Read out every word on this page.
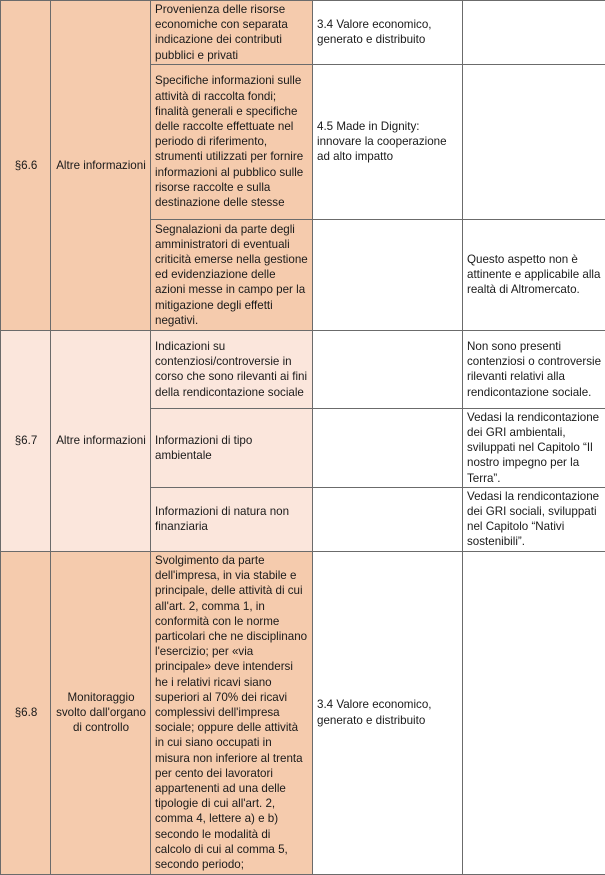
§6.6	Altre informazioni	Provenienza delle risorse economiche con separata indicazione dei contributi pubblici e privati	3.4 Valore economico, generato e distribuito	
		Specifiche informazioni sulle attività di raccolta fondi; finalità generali e specifiche delle raccolte effettuate nel periodo di riferimento, strumenti utilizzati per fornire informazioni al pubblico sulle risorse raccolte e sulla destinazione delle stesse	4.5 Made in Dignity: innovare la cooperazione ad alto impatto	
		Segnalazioni da parte degli amministratori di eventuali criticità emerse nella gestione ed evidenziazione delle azioni messe in campo per la mitigazione degli effetti negativi.		Questo aspetto non è attinente e applicabile alla realtà di Altromercato.
§6.7	Altre informazioni	Indicazioni su contenziosi/controversie in corso che sono rilevanti ai fini della rendicontazione sociale		Non sono presenti contenziosi o controversie rilevanti relativi alla rendicontazione sociale.
		Informazioni di tipo ambientale		Vedasi la rendicontazione dei GRI ambientali, sviluppati nel Capitolo “Il nostro impegno per la Terra”.
		Informazioni di natura non finanziaria		Vedasi la rendicontazione dei GRI sociali, sviluppati nel Capitolo “Nativi sostenibili”.
§6.8	Monitoraggio svolto dall'organo di controllo	Svolgimento da parte dell'impresa, in via stabile e principale, delle attività di cui all'art. 2, comma 1, in conformità con le norme particolari che ne disciplinano l'esercizio; per «via principale» deve intendersi he i relativi ricavi siano superiori al 70% dei ricavi complessivi dell'impresa sociale; oppure delle attività in cui siano occupati in misura non inferiore al trenta per cento dei lavoratori appartenenti ad una delle tipologie di cui all'art. 2, comma 4, lettere a) e b) secondo le modalità di calcolo di cui al comma 5, secondo periodo;	3.4 Valore economico, generato e distribuito	
